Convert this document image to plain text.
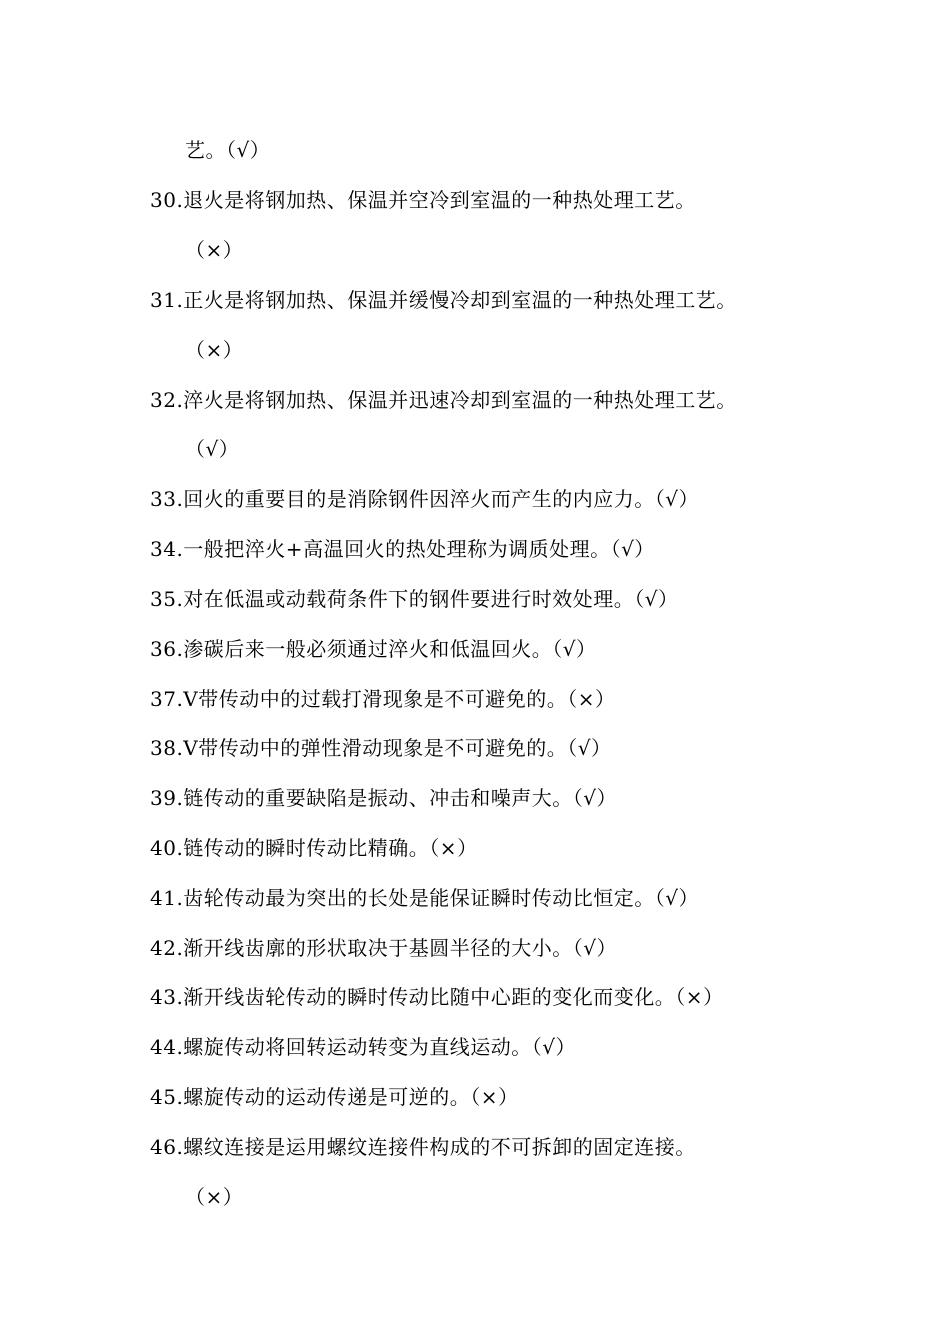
艺。（√）
30.退火是将钢加热、保温并空冷到室温的一种热处理工艺。
（×）
31.正火是将钢加热、保温并缓慢冷却到室温的一种热处理工艺。
（×）
32.淬火是将钢加热、保温并迅速冷却到室温的一种热处理工艺。
（√）
33.回火的重要目的是消除钢件因淬火而产生的内应力。（√）
34.一般把淬火+高温回火的热处理称为调质处理。（√）
35.对在低温或动载荷条件下的钢件要进行时效处理。（√）
36.渗碳后来一般必须通过淬火和低温回火。（√）
37.V带传动中的过载打滑现象是不可避免的。（×）
38.V带传动中的弹性滑动现象是不可避免的。（√）
39.链传动的重要缺陷是振动、冲击和噪声大。（√）
40.链传动的瞬时传动比精确。（×）
41.齿轮传动最为突出的长处是能保证瞬时传动比恒定。（√）
42.渐开线齿廓的形状取决于基圆半径的大小。（√）
43.渐开线齿轮传动的瞬时传动比随中心距的变化而变化。（×）
44.螺旋传动将回转运动转变为直线运动。（√）
45.螺旋传动的运动传递是可逆的。（×）
46.螺纹连接是运用螺纹连接件构成的不可拆卸的固定连接。
（×）
